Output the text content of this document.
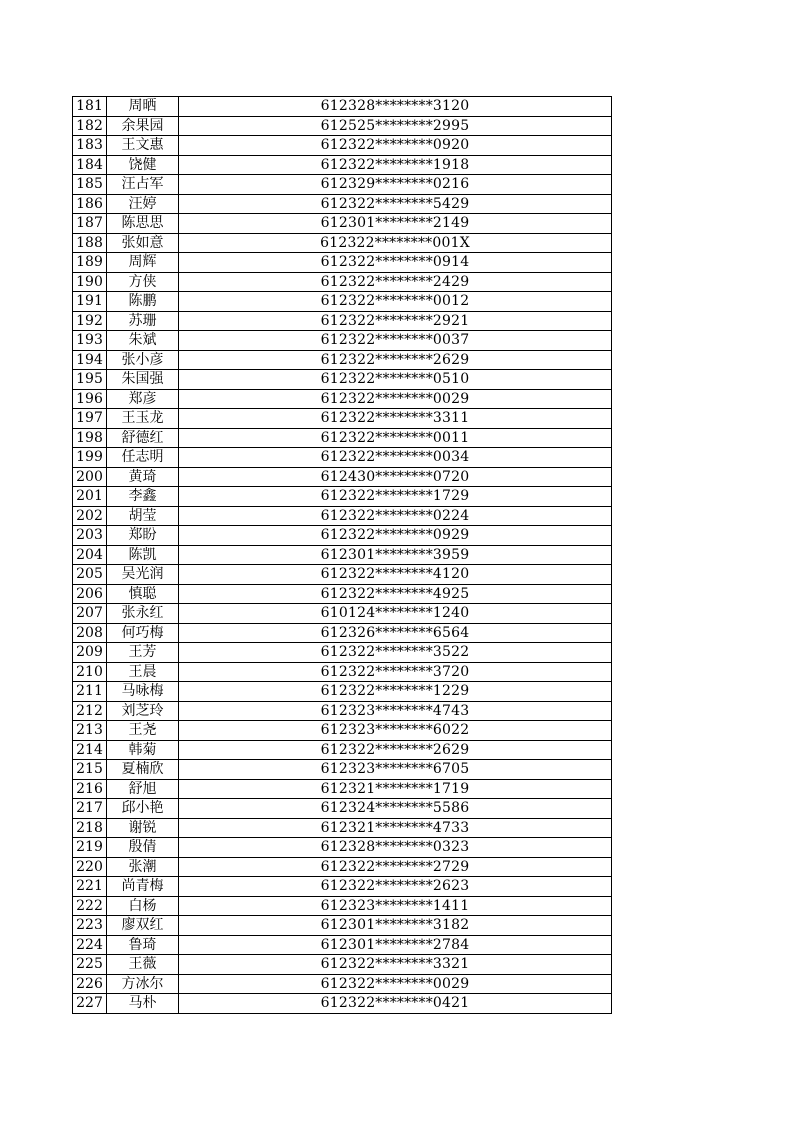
181	周晒	612328********3120
182	余果园	612525********2995
183	王文惠	612322********0920
184	饶健	612322********1918
185	汪占军	612329********0216
186	汪婷	612322********5429
187	陈思思	612301********2149
188	张如意	612322********001X
189	周辉	612322********0914
190	方侠	612322********2429
191	陈鹏	612322********0012
192	苏珊	612322********2921
193	朱斌	612322********0037
194	张小彦	612322********2629
195	朱国强	612322********0510
196	郑彦	612322********0029
197	王玉龙	612322********3311
198	舒德红	612322********0011
199	任志明	612322********0034
200	黄琦	612430********0720
201	李鑫	612322********1729
202	胡莹	612322********0224
203	郑盼	612322********0929
204	陈凯	612301********3959
205	吴光润	612322********4120
206	慎聪	612322********4925
207	张永红	610124********1240
208	何巧梅	612326********6564
209	王芳	612322********3522
210	王晨	612322********3720
211	马咏梅	612322********1229
212	刘芝玲	612323********4743
213	王尧	612323********6022
214	韩菊	612322********2629
215	夏楠欣	612323********6705
216	舒旭	612321********1719
217	邱小艳	612324********5586
218	谢锐	612321********4733
219	殷倩	612328********0323
220	张潮	612322********2729
221	尚青梅	612322********2623
222	白杨	612323********1411
223	廖双红	612301********3182
224	鲁琦	612301********2784
225	王薇	612322********3321
226	方冰尔	612322********0029
227	马朴	612322********0421
